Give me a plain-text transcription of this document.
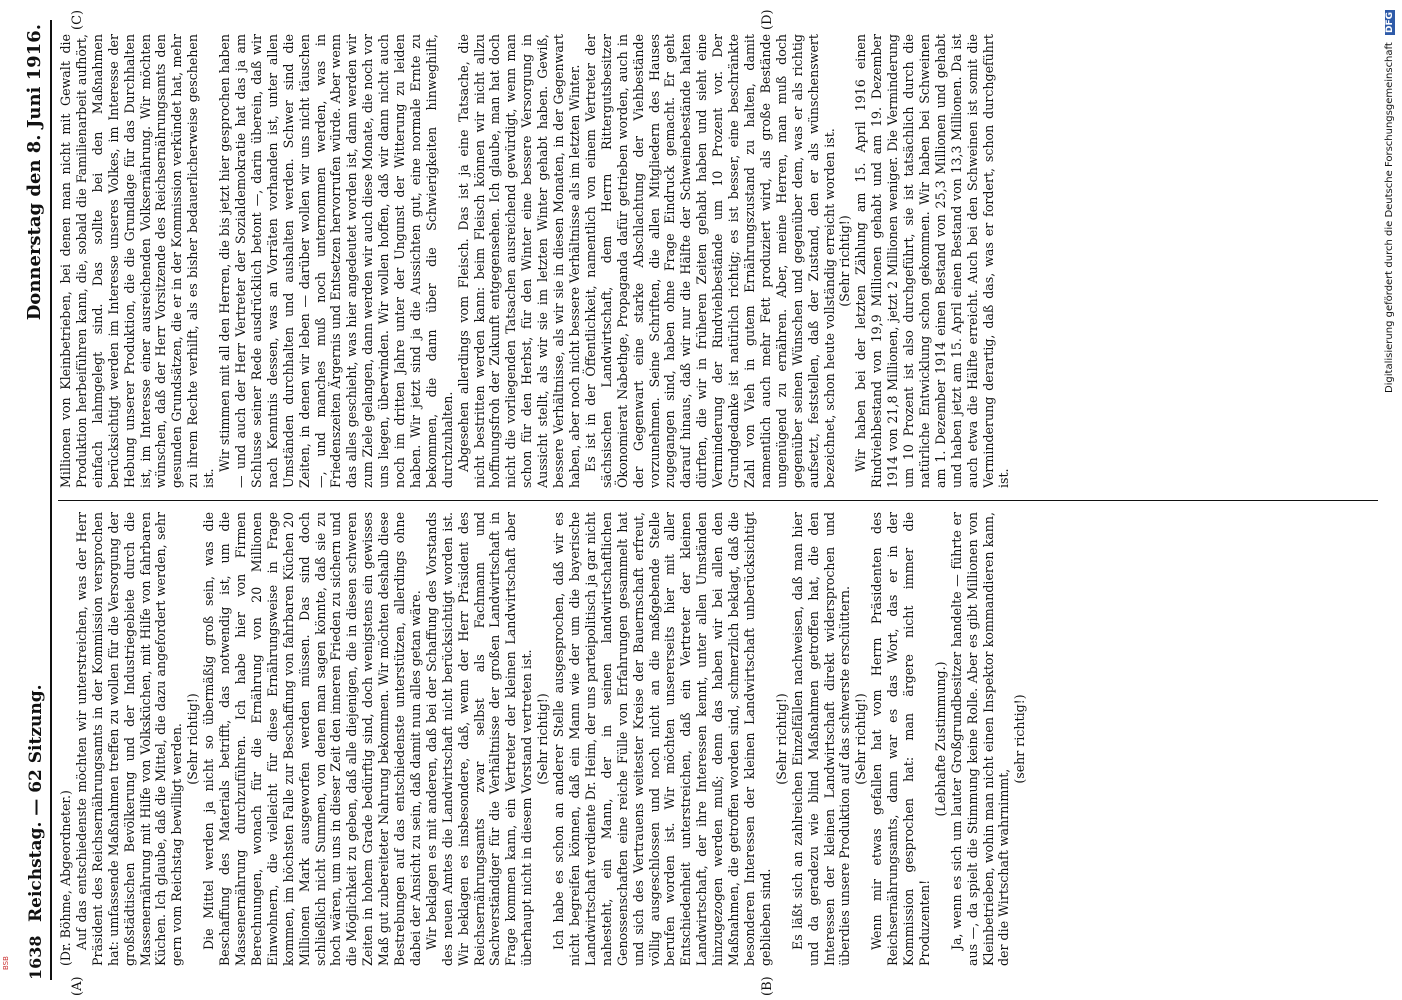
1638
Reichstag. — 62 Sitzung.
Donnerstag den 8. Juni 1916.
(A)	(B)
(C)	(D)

(Dr. Böhme, Abgeordneter.) Auf das entschiedenste möchten wir unterstreichen, was der Herr Präsident des Reichsernährungsamts in der Kommission versprochen hat: umfassende Maßnahmen treffen zu wollen für die Versorgung der großstädtischen Bevölkerung und der Industriegebiete durch die Massenernährung mit Hilfe von Volksküchen, mit Hilfe von fahrbaren Küchen. Ich glaube, daß die Mittel, die dazu angefordert werden, sehr gern vom Reichstag bewilligt werden. (Sehr richtig!) Die Mittel werden ja nicht so übermäßig groß sein, was die Beschaffung des Materials betrifft, das notwendig ist, um die Massenernährung durchzuführen. Ich habe hier von Firmen Berechnungen, wonach für die Ernährung von 20 Millionen Einwohnern, die vielleicht für diese Ernährungsweise in Frage kommen, im höchsten Falle zur Beschaffung von fahrbaren Küchen 20 Millionen Mark ausgeworfen werden müssen. Das sind doch schließlich nicht Summen, von denen man sagen könnte, daß sie zu hoch wären, um uns in dieser Zeit den inneren Frieden zu sichern und die Möglichkeit zu geben, daß alle diejenigen, die in diesen schweren Zeiten in hohem Grade bedürftig sind, doch wenigstens ein gewisses Maß gut zubereiteter Nahrung bekommen. Wir möchten deshalb diese Bestrebungen auf das entschiedenste unterstützen, allerdings ohne dabei der Ansicht zu sein, daß damit nun alles getan wäre. Wir beklagen es mit anderen, daß bei der Schaffung des Vorstands des neuen Amtes die Landwirtschaft nicht berücksichtigt worden ist. Wir beklagen es insbesondere, daß, wenn der Herr Präsident des Reichsernährungsamts zwar selbst als Fachmann und Sachverständiger für die Verhältnisse der großen Landwirtschaft in Frage kommen kann, ein Vertreter der kleinen Landwirtschaft aber überhaupt nicht in diesem Vorstand vertreten ist. (Sehr richtig!) Ich habe es schon an anderer Stelle ausgesprochen, daß wir es nicht begreifen können, daß ein Mann wie der um die bayerische Landwirtschaft verdiente Dr. Heim, der uns parteipolitisch ja gar nicht nahesteht, ein Mann, der in seinen landwirtschaftlichen Genossenschaften eine reiche Fülle von Erfahrungen gesammelt hat und sich des Vertrauens weitester Kreise der Bauernschaft erfreut, völlig ausgeschlossen und noch nicht an die maßgebende Stelle berufen worden ist. Wir möchten unsererseits hier mit aller Entschiedenheit unterstreichen, daß ein Vertreter der kleinen Landwirtschaft, der ihre Interessen kennt, unter allen Umständen hinzugezogen werden muß; denn das haben wir bei allen den Maßnahmen, die getroffen worden sind, schmerzlich beklagt, daß die besonderen Interessen der kleinen Landwirtschaft unberücksichtigt geblieben sind.

(Sehr richtig!) Es läßt sich an zahlreichen Einzelfällen nachweisen, daß man hier und da geradezu wie blind Maßnahmen getroffen hat, die den Interessen der kleinen Landwirtschaft direkt widersprochen und überdies unsere Produktion auf das schwerste erschüttern. (Sehr richtig!) Wenn mir etwas gefallen hat vom Herrn Präsidenten des Reichsernährungsamts, dann war es das Wort, das er in der Kommission gesprochen hat: man ärgere nicht immer die Produzenten!

(Lebhafte Zustimmung.) Ja, wenn es sich um lauter Großgrundbesitzer handelte — führte er aus —, da spielt die Stimmung keine Rolle. Aber es gibt Millionen von Kleinbetrieben, wohin man nicht einen Inspektor kommandieren kann, der die Wirtschaft wahrnimmt,

(sehr richtig!)

Millionen von Kleinbetrieben, bei denen man nicht mit Gewalt die Produktion herbeiführen kann, die, sobald die Familienarbeit aufhört, einfach lahmgelegt sind. Das sollte bei den Maßnahmen berücksichtigt werden im Interesse unseres Volkes, im Interesse der Hebung unserer Produktion, die die Grundlage für das Durchhalten ist, im Interesse einer ausreichenden Volksernährung. Wir möchten wünschen, daß der Herr Vorsitzende des Reichsernährungsamts den gesunden Grundsätzen, die er in der Kommission verkündet hat, mehr zu ihrem Rechte verhilft, als es bisher bedauerlicherweise geschehen ist.

Wir stimmen mit all den Herren, die bis jetzt hier gesprochen haben — und auch der Herr Vertreter der Sozialdemokratie hat das ja am Schlusse seiner Rede ausdrücklich betont —, darin überein, daß wir nach Kenntnis dessen, was an Vorräten vorhanden ist, unter allen Umständen durchhalten und aushalten werden. Schwer sind die Zeiten, in denen wir leben — darüber wollen wir uns nicht täuschen —, und manches muß noch unternommen werden, was in Friedenszeiten Ärgernis und Entsetzen hervorrufen würde. Aber wenn das alles geschieht, was hier angedeutet worden ist, dann werden wir zum Ziele gelangen, dann werden wir auch diese Monate, die noch vor uns liegen, überwinden. Wir wollen hoffen, daß wir dann nicht auch noch im dritten Jahre unter der Ungunst der Witterung zu leiden haben. Wir jetzt sind ja die Aussichten gut, eine normale Ernte zu bekommen, die dann über die Schwierigkeiten hinweghilft, durchzuhalten. Abgesehen allerdings vom Fleisch. Das ist ja eine Tatsache, die nicht bestritten werden kann: beim Fleisch können wir nicht allzu hoffnungsfroh der Zukunft entgegensehen. Ich glaube, man hat doch nicht die vorliegenden Tatsachen ausreichend gewürdigt, wenn man schon für den Herbst, für den Winter eine bessere Versorgung in Aussicht stellt, als wir sie im letzten Winter gehabt haben. Gewiß, bessere Verhältnisse, als wir sie in diesen Monaten, in der Gegenwart haben, aber noch nicht bessere Verhältnisse als im letzten Winter. Es ist in der Öffentlichkeit, namentlich von einem Vertreter der sächsischen Landwirtschaft, dem Herrn Rittergutsbesitzer Ökonomierat Nabethge, Propaganda dafür getrieben worden, auch in der Gegenwart eine starke Abschlachtung der Viehbestände vorzunehmen. Seine Schriften, die allen Mitgliedern des Hauses zugegangen sind, haben ohne Frage Eindruck gemacht. Er geht darauf hinaus, daß wir nur die Hälfte der Schweinebestände halten dürften, die wir in früheren Zeiten gehabt haben und sieht eine Verminderung der Rindviehbestände um 10 Prozent vor. Der Grundgedanke ist natürlich richtig; es ist besser, eine beschränkte Zahl von Vieh in gutem Ernährungszustand zu halten, damit namentlich auch mehr Fett produziert wird, als große Bestände ungenügend zu ernähren. Aber, meine Herren, man muß doch gegenüber seinen Wünschen und gegenüber dem, was er als richtig aufsetzt, feststellen, daß der Zustand, den er als wünschenswert bezeichnet, schon heute vollständig erreicht worden ist. (Sehr richtig!) Wir haben bei der letzten Zählung am 15. April 1916 einen Rindviehbestand von 19,9 Millionen gehabt und am 19. Dezember 1914 von 21,8 Millionen, jetzt 2 Millionen weniger. Die Verminderung um 10 Prozent ist also durchgeführt, sie ist tatsächlich durch die natürliche Entwicklung schon gekommen. Wir haben bei Schweinen am 1. Dezember 1914 einen Bestand von 25,3 Millionen und gehabt und haben jetzt am 15. April einen Bestand von 13,3 Millionen. Da ist auch etwa die Hälfte erreicht. Auch bei den Schweinen ist somit die Verminderung derartig, daß das, was er fordert, schon durchgeführt ist.

Digitalisierung gefördert durch die Deutsche Forschungsgemeinschaft DFG
BSB
